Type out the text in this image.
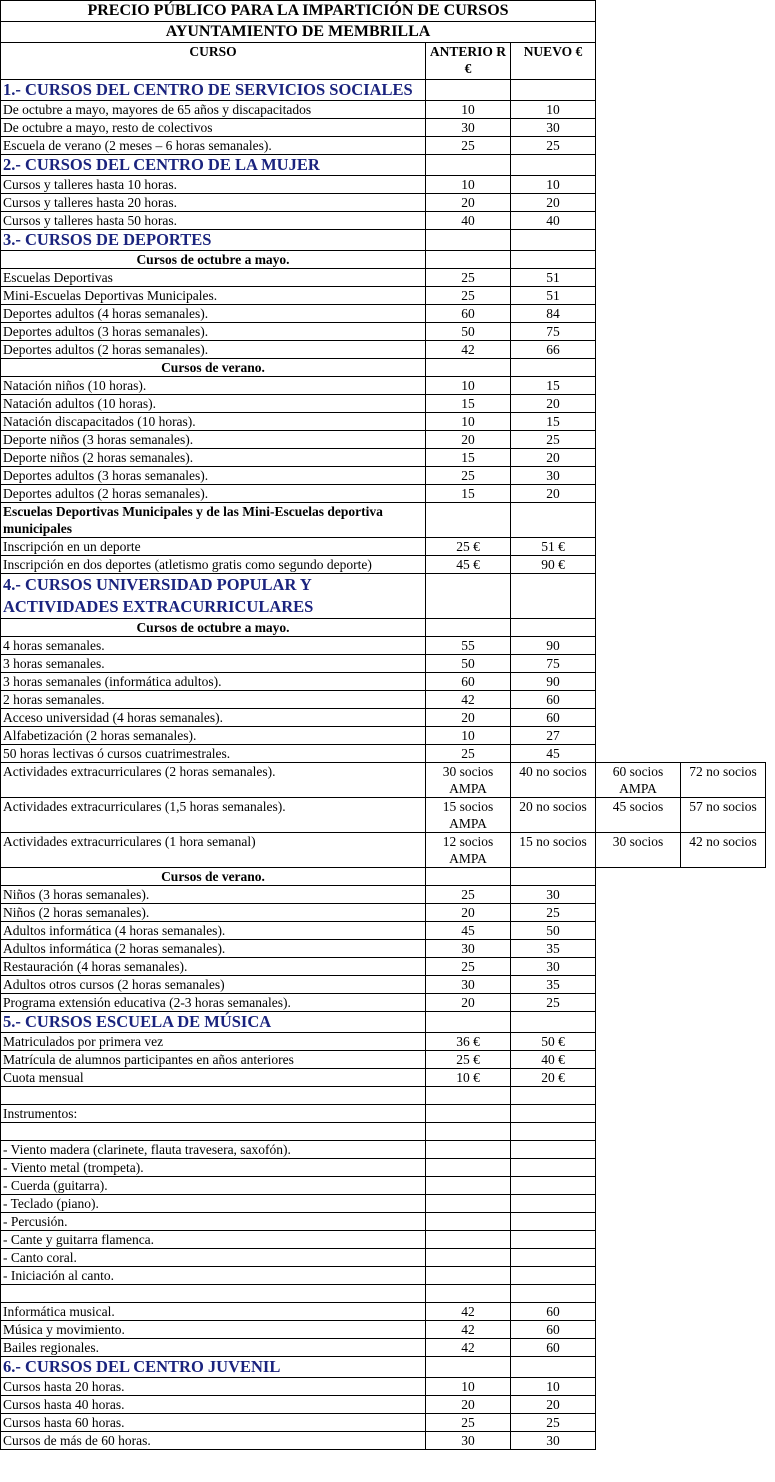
PRECIO PÚBLICO PARA LA IMPARTICIÓN DE CURSOS				
AYUNTAMIENTO DE MEMBRILLA				
CURSO	ANTERIO R €	NUEVO €		
1.- CURSOS DEL CENTRO DE SERVICIOS SOCIALES				
De octubre a mayo, mayores de 65 años y discapacitados	10	10		
De octubre a mayo, resto de colectivos	30	30		
Escuela de verano (2 meses – 6 horas semanales).	25	25		
2.- CURSOS DEL CENTRO DE LA MUJER				
Cursos y talleres hasta 10 horas.	10	10		
Cursos y talleres hasta 20 horas.	20	20		
Cursos y talleres hasta 50 horas.	40	40		
3.- CURSOS DE DEPORTES				
Cursos de octubre a mayo.				
Escuelas Deportivas	25	51		
Mini-Escuelas Deportivas Municipales.	25	51		
Deportes adultos (4 horas semanales).	60	84		
Deportes adultos (3 horas semanales).	50	75		
Deportes adultos (2 horas semanales).	42	66		
Cursos de verano.				
Natación niños (10 horas).	10	15		
Natación adultos (10 horas).	15	20		
Natación discapacitados (10 horas).	10	15		
Deporte niños (3 horas semanales).	20	25		
Deporte niños (2 horas semanales).	15	20		
Deportes adultos (3 horas semanales).	25	30		
Deportes adultos (2 horas semanales).	15	20		
Escuelas Deportivas Municipales y de las Mini-Escuelas deportiva municipales				
Inscripción en un deporte	25 €	51 €		
Inscripción en dos deportes (atletismo gratis como segundo deporte)	45 €	90 €		
4.- CURSOS UNIVERSIDAD POPULAR Y ACTIVIDADES EXTRACURRICULARES				
Cursos de octubre a mayo.				
4 horas semanales.	55	90		
3 horas semanales.	50	75		
3 horas semanales (informática adultos).	60	90		
2 horas semanales.	42	60		
Acceso universidad (4 horas semanales).	20	60		
Alfabetización (2 horas semanales).	10	27		
50 horas lectivas ó cursos cuatrimestrales.	25	45		
Actividades extracurriculares (2 horas semanales).	30 socios AMPA	40 no socios	60 socios AMPA	72 no socios
Actividades extracurriculares (1,5 horas semanales).	15 socios AMPA	20 no socios	45 socios	57 no socios
Actividades extracurriculares (1 hora semanal)	12 socios AMPA	15 no socios	30 socios	42 no socios
Cursos de verano.				
Niños (3 horas semanales).	25	30		
Niños (2 horas semanales).	20	25		
Adultos informática (4 horas semanales).	45	50		
Adultos informática (2 horas semanales).	30	35		
Restauración (4 horas semanales).	25	30		
Adultos otros cursos (2 horas semanales)	30	35		
Programa extensión educativa (2-3 horas semanales).	20	25		
5.- CURSOS ESCUELA DE MÚSICA				
Matriculados por primera vez	36 €	50 €		
Matrícula de alumnos participantes en años anteriores	25 €	40 €		
Cuota mensual	10 €	20 €		

Instrumentos:				

- Viento madera (clarinete, flauta travesera, saxofón).				
- Viento metal (trompeta).				
- Cuerda (guitarra).				
- Teclado (piano).				
- Percusión.				
- Cante y guitarra flamenca.				
- Canto coral.				
- Iniciación al canto.				

Informática musical.	42	60		
Música y movimiento.	42	60		
Bailes regionales.	42	60		
6.- CURSOS DEL CENTRO JUVENIL				
Cursos hasta 20 horas.	10	10		
Cursos hasta 40 horas.	20	20		
Cursos hasta 60 horas.	25	25		
Cursos de más de 60 horas.	30	30		
